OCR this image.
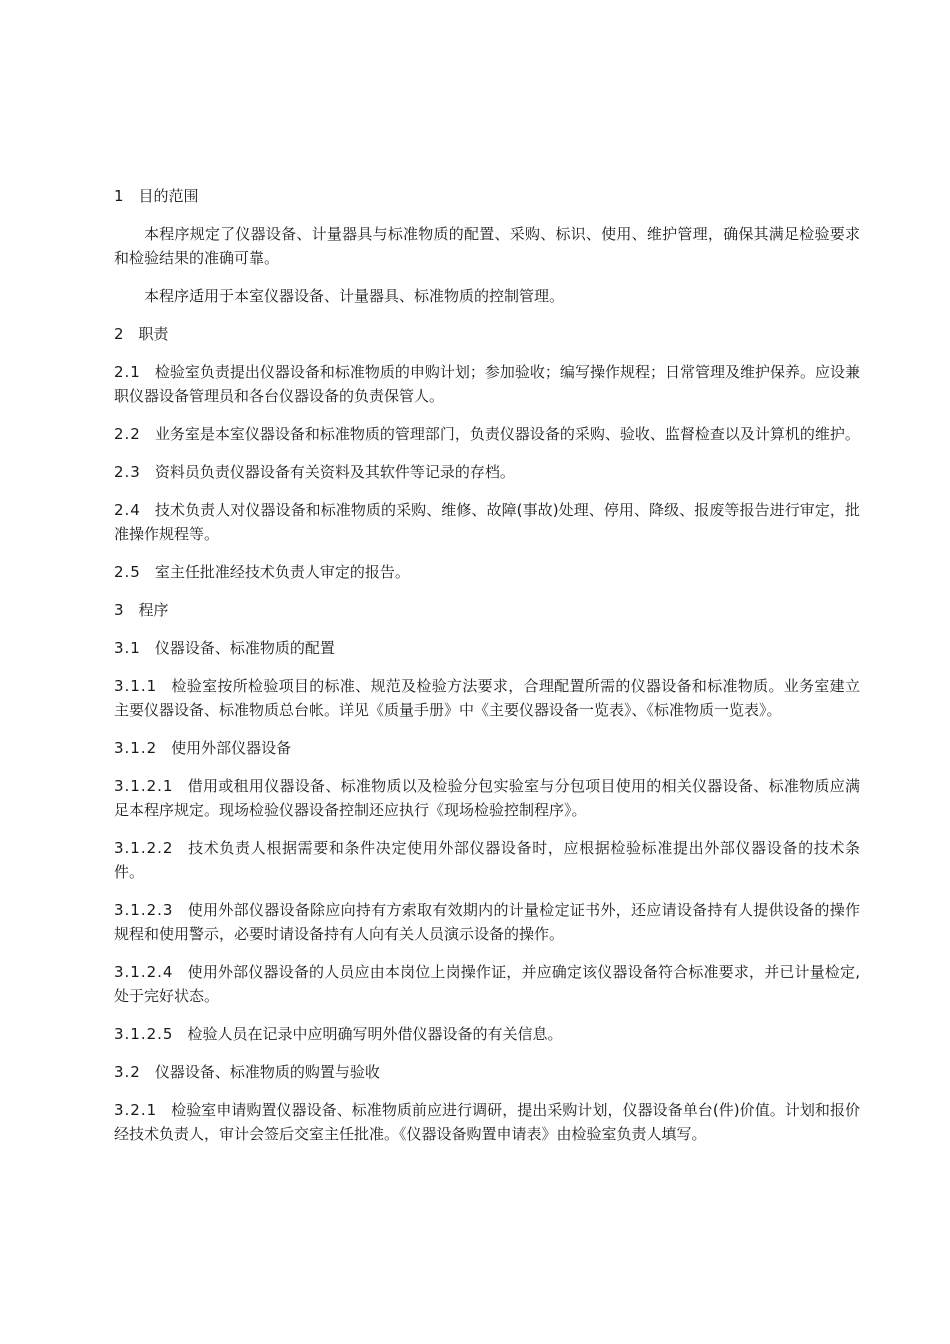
1 目的范围

本程序规定了仪器设备、计量器具与标准物质的配置、采购、标识、使用、维护管理，确保其满足检验要求和检验结果的准确可靠。

本程序适用于本室仪器设备、计量器具、标准物质的控制管理。

2 职责

2.1 检验室负责提出仪器设备和标准物质的申购计划；参加验收；编写操作规程；日常管理及维护保养。应设兼职仪器设备管理员和各台仪器设备的负责保管人。

2.2 业务室是本室仪器设备和标准物质的管理部门，负责仪器设备的采购、验收、监督检查以及计算机的维护。

2.3 资料员负责仪器设备有关资料及其软件等记录的存档。

2.4 技术负责人对仪器设备和标准物质的采购、维修、故障(事故)处理、停用、降级、报废等报告进行审定，批准操作规程等。

2.5 室主任批准经技术负责人审定的报告。

3 程序

3.1 仪器设备、标准物质的配置

3.1.1 检验室按所检验项目的标准、规范及检验方法要求，合理配置所需的仪器设备和标准物质。业务室建立主要仪器设备、标准物质总台帐。详见《质量手册》中《主要仪器设备一览表》、《标准物质一览表》。

3.1.2 使用外部仪器设备

3.1.2.1 借用或租用仪器设备、标准物质以及检验分包实验室与分包项目使用的相关仪器设备、标准物质应满足本程序规定。现场检验仪器设备控制还应执行《现场检验控制程序》。

3.1.2.2 技术负责人根据需要和条件决定使用外部仪器设备时，应根据检验标准提出外部仪器设备的技术条件。

3.1.2.3 使用外部仪器设备除应向持有方索取有效期内的计量检定证书外，还应请设备持有人提供设备的操作规程和使用警示，必要时请设备持有人向有关人员演示设备的操作。

3.1.2.4 使用外部仪器设备的人员应由本岗位上岗操作证，并应确定该仪器设备符合标准要求，并已计量检定,处于完好状态。

3.1.2.5 检验人员在记录中应明确写明外借仪器设备的有关信息。

3.2 仪器设备、标准物质的购置与验收

3.2.1 检验室申请购置仪器设备、标准物质前应进行调研，提出采购计划，仪器设备单台(件)价值。计划和报价经技术负责人，审计会签后交室主任批准。《仪器设备购置申请表》由检验室负责人填写。
